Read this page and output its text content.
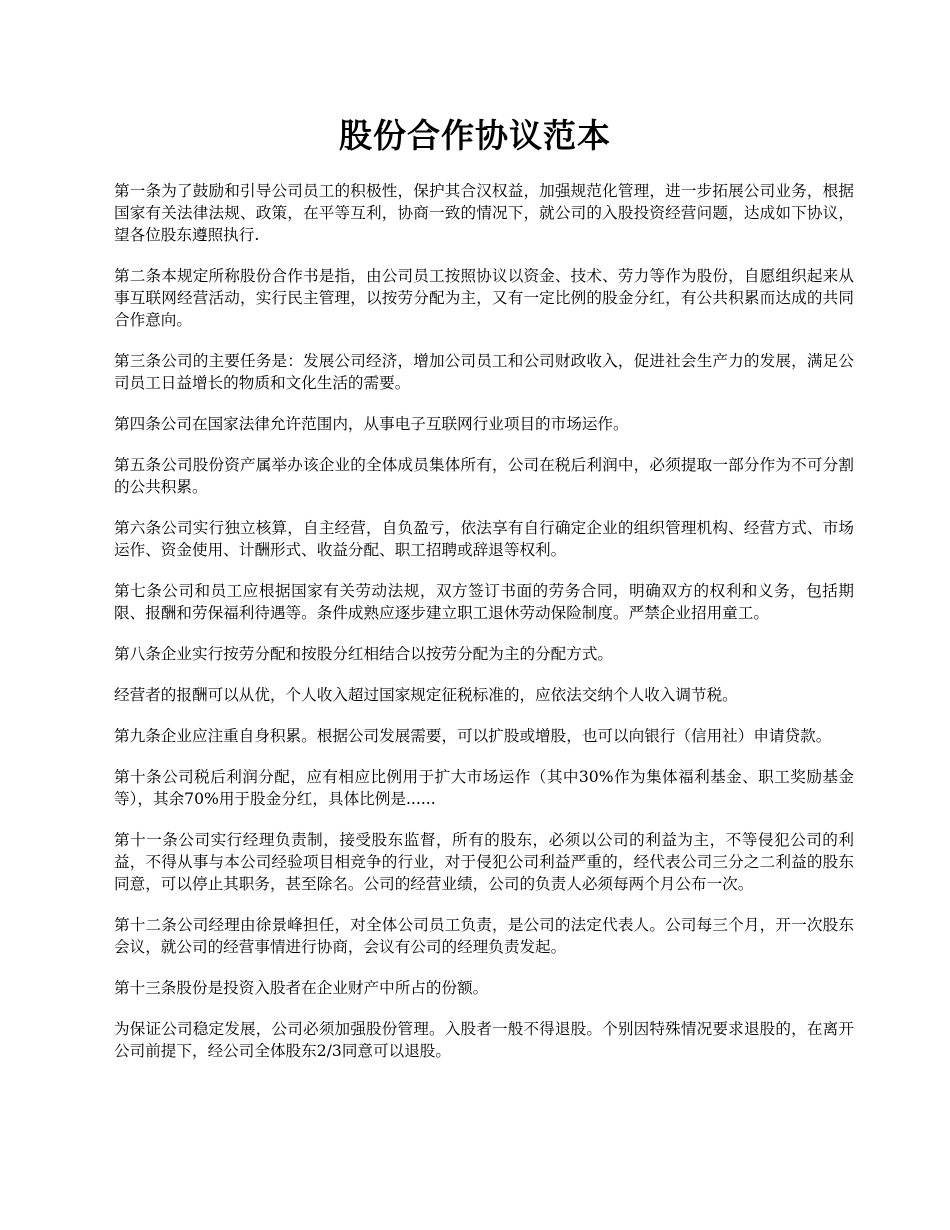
股份合作协议范本

第一条为了鼓励和引导公司员工的积极性，保护其合汉权益，加强规范化管理，进一步拓展公司业务，根据国家有关法律法规、政策，在平等互利，协商一致的情况下，就公司的入股投资经营问题，达成如下协议，望各位股东遵照执行.

第二条本规定所称股份合作书是指，由公司员工按照协议以资金、技术、劳力等作为股份，自愿组织起来从事互联网经营活动，实行民主管理，以按劳分配为主，又有一定比例的股金分红，有公共积累而达成的共同合作意向。

第三条公司的主要任务是：发展公司经济，增加公司员工和公司财政收入，促进社会生产力的发展，满足公司员工日益增长的物质和文化生活的需要。

第四条公司在国家法律允许范围内，从事电子互联网行业项目的市场运作。

第五条公司股份资产属举办该企业的全体成员集体所有，公司在税后利润中，必须提取一部分作为不可分割的公共积累。

第六条公司实行独立核算，自主经营，自负盈亏，依法享有自行确定企业的组织管理机构、经营方式、市场运作、资金使用、计酬形式、收益分配、职工招聘或辞退等权利。

第七条公司和员工应根据国家有关劳动法规，双方签订书面的劳务合同，明确双方的权利和义务，包括期限、报酬和劳保福利待遇等。条件成熟应逐步建立职工退休劳动保险制度。严禁企业招用童工。

第八条企业实行按劳分配和按股分红相结合以按劳分配为主的分配方式。

经营者的报酬可以从优，个人收入超过国家规定征税标准的，应依法交纳个人收入调节税。

第九条企业应注重自身积累。根据公司发展需要，可以扩股或增股，也可以向银行（信用社）申请贷款。

第十条公司税后利润分配，应有相应比例用于扩大市场运作（其中30%作为集体福利基金、职工奖励基金等），其余70%用于股金分红，具体比例是......

第十一条公司实行经理负责制，接受股东监督，所有的股东，必须以公司的利益为主，不等侵犯公司的利益，不得从事与本公司经验项目相竞争的行业，对于侵犯公司利益严重的，经代表公司三分之二利益的股东同意，可以停止其职务，甚至除名。公司的经营业绩，公司的负责人必须每两个月公布一次。

第十二条公司经理由徐景峰担任，对全体公司员工负责，是公司的法定代表人。公司每三个月，开一次股东会议，就公司的经营事情进行协商，会议有公司的经理负责发起。

第十三条股份是投资入股者在企业财产中所占的份额。

为保证公司稳定发展，公司必须加强股份管理。入股者一般不得退股。个别因特殊情况要求退股的，在离开公司前提下，经公司全体股东2/3同意可以退股。
